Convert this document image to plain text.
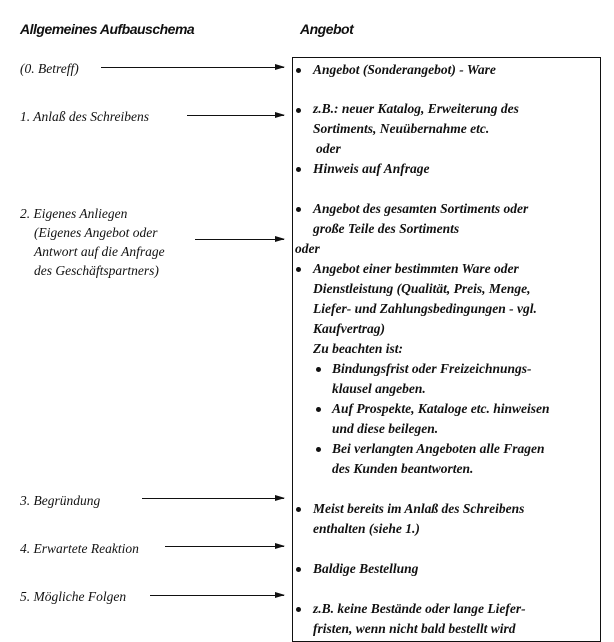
Allgemeines Aufbauschema	Angebot
(0. Betreff)
1. Anlaß des Schreibens
2. Eigenes Anliegen
(Eigenes Angebot oder
Antwort auf die Anfrage
des Geschäftspartners)
3. Begründung
4. Erwartete Reaktion
5. Mögliche Folgen
Angebot (Sonderangebot) - Ware
z.B.: neuer Katalog, Erweiterung des
Sortiments, Neuübernahme etc.
oder
Hinweis auf Anfrage
Angebot des gesamten Sortiments oder
große Teile des Sortiments
oder
Angebot einer bestimmten Ware oder
Dienstleistung (Qualität, Preis, Menge,
Liefer- und Zahlungsbedingungen - vgl.
Kaufvertrag)
Zu beachten ist:
Bindungsfrist oder Freizeichnungs-
klausel angeben.
Auf Prospekte, Kataloge etc. hinweisen
und diese beilegen.
Bei verlangten Angeboten alle Fragen
des Kunden beantworten.
Meist bereits im Anlaß des Schreibens
enthalten (siehe 1.)
Baldige Bestellung
z.B. keine Bestände oder lange Liefer-
fristen, wenn nicht bald bestellt wird
